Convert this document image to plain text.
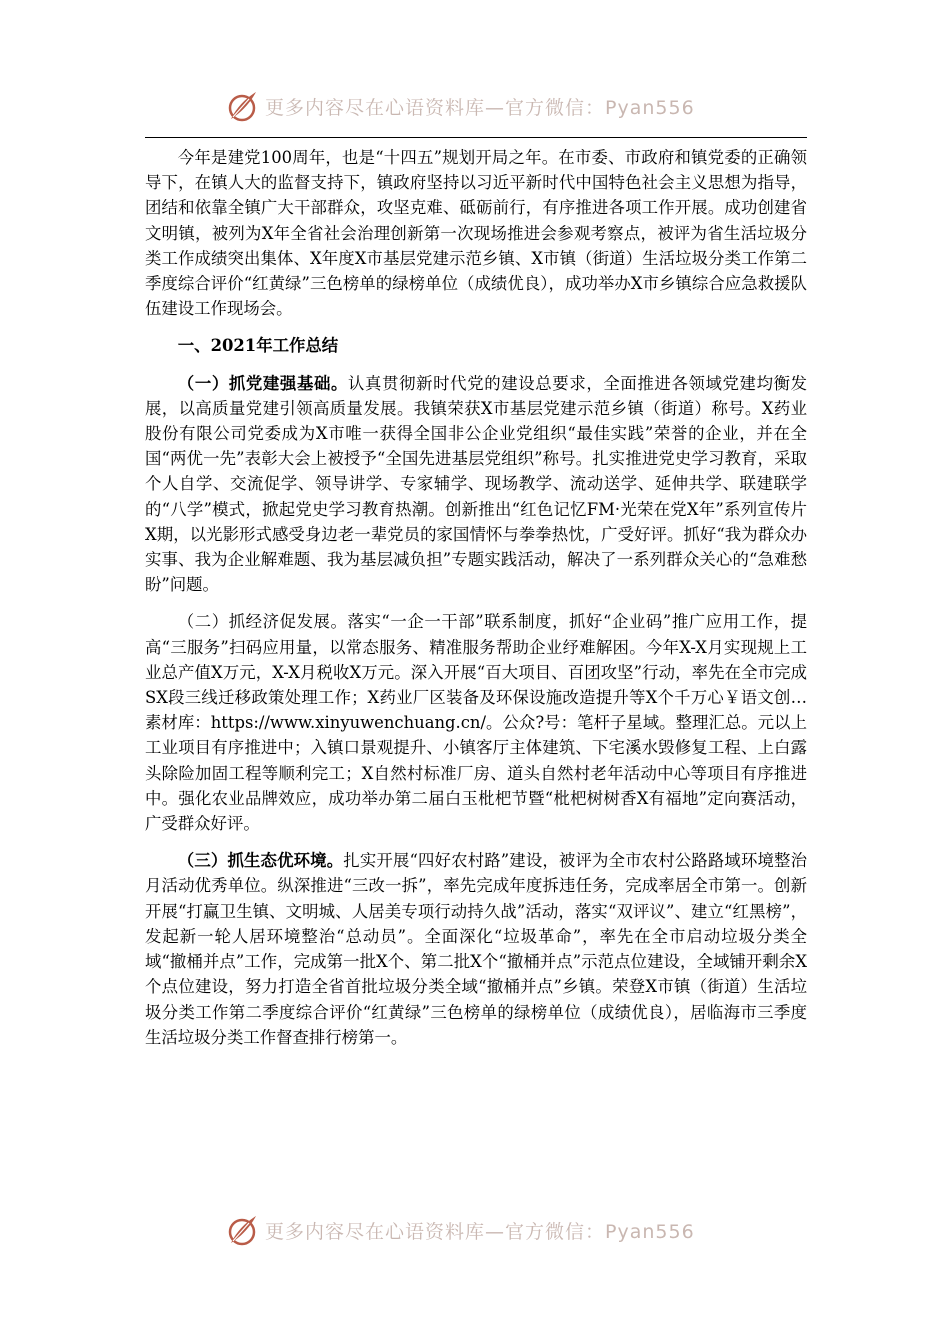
更多内容尽在心语资料库—官方微信：Pyan556

今年是建党100周年，也是“十四五”规划开局之年。在市委、市政府和镇党委的正确领导下，在镇人大的监督支持下，镇政府坚持以习近平新时代中国特色社会主义思想为指导，团结和依靠全镇广大干部群众，攻坚克难、砥砺前行，有序推进各项工作开展。成功创建省文明镇，被列为X年全省社会治理创新第一次现场推进会参观考察点，被评为省生活垃圾分类工作成绩突出集体、X年度X市基层党建示范乡镇、X市镇（街道）生活垃圾分类工作第二季度综合评价“红黄绿”三色榜单的绿榜单位（成绩优良），成功举办X市乡镇综合应急救援队伍建设工作现场会。

一、2021年工作总结

（一）抓党建强基础。认真贯彻新时代党的建设总要求，全面推进各领域党建均衡发展，以高质量党建引领高质量发展。我镇荣获X市基层党建示范乡镇（街道）称号。X药业股份有限公司党委成为X市唯一获得全国非公企业党组织“最佳实践”荣誉的企业，并在全国“两优一先”表彰大会上被授予“全国先进基层党组织”称号。扎实推进党史学习教育，采取个人自学、交流促学、领导讲学、专家辅学、现场教学、流动送学、延伸共学、联建联学的“八学”模式，掀起党史学习教育热潮。创新推出“红色记忆FM·光荣在党X年”系列宣传片X期，以光影形式感受身边老一辈党员的家国情怀与拳拳热忱，广受好评。抓好“我为群众办实事、我为企业解难题、我为基层减负担”专题实践活动，解决了一系列群众关心的“急难愁盼”问题。

（二）抓经济促发展。落实“一企一干部”联系制度，抓好“企业码”推广应用工作，提高“三服务”扫码应用量，以常态服务、精准服务帮助企业纾难解困。今年X-X月实现规上工业总产值X万元，X-X月税收X万元。深入开展“百大项目、百团攻坚”行动，率先在全市完成SX段三线迁移政策处理工作；X药业厂区装备及环保设施改造提升等X个千万心￥语文创…素材库：https://www.xinyuwenchuang.cn/。公众?号：笔杆子星域。整理汇总。元以上工业项目有序推进中；入镇口景观提升、小镇客厅主体建筑、下宅溪水毁修复工程、上白露头除险加固工程等顺利完工；X自然村标准厂房、道头自然村老年活动中心等项目有序推进中。强化农业品牌效应，成功举办第二届白玉枇杷节暨“枇杷树树香X有福地”定向赛活动，广受群众好评。

（三）抓生态优环境。扎实开展“四好农村路”建设，被评为全市农村公路路域环境整治月活动优秀单位。纵深推进“三改一拆”，率先完成年度拆违任务，完成率居全市第一。创新开展“打赢卫生镇、文明城、人居美专项行动持久战”活动，落实“双评议”、建立“红黑榜”，发起新一轮人居环境整治“总动员”。全面深化“垃圾革命”，率先在全市启动垃圾分类全域“撤桶并点”工作，完成第一批X个、第二批X个“撤桶并点”示范点位建设，全域铺开剩余X个点位建设，努力打造全省首批垃圾分类全域“撤桶并点”乡镇。荣登X市镇（街道）生活垃圾分类工作第二季度综合评价“红黄绿”三色榜单的绿榜单位（成绩优良），居临海市三季度生活垃圾分类工作督查排行榜第一。

更多内容尽在心语资料库—官方微信：Pyan556
